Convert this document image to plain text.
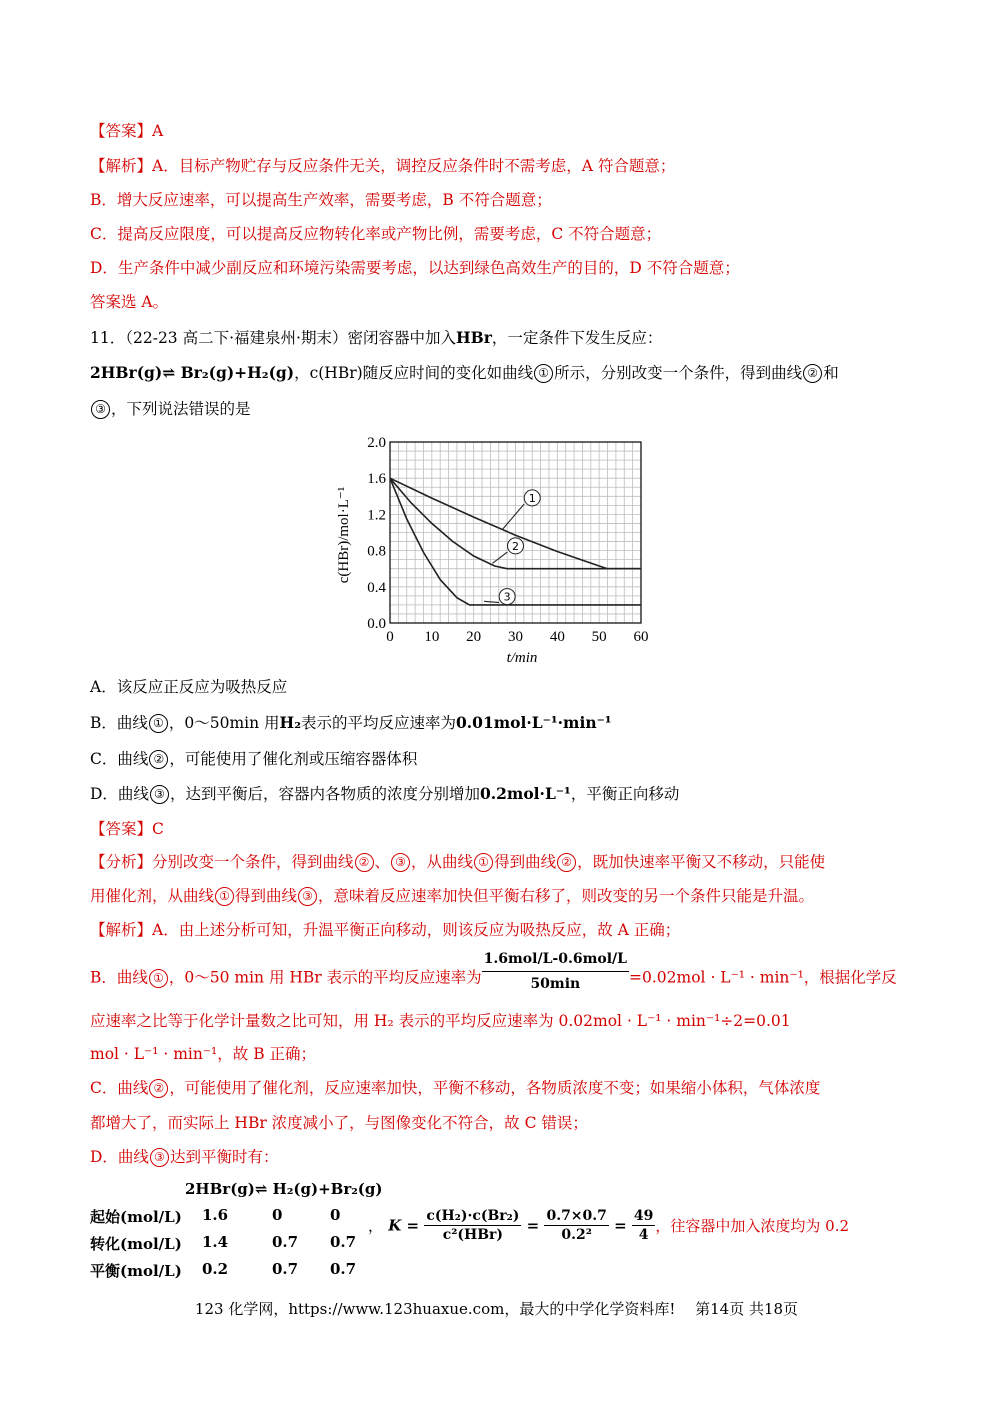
【答案】A
【解析】A．目标产物贮存与反应条件无关，调控反应条件时不需考虑，A 符合题意；
B．增大反应速率，可以提高生产效率，需要考虑，B 不符合题意；
C．提高反应限度，可以提高反应物转化率或产物比例，需要考虑，C 不符合题意；
D．生产条件中减少副反应和环境污染需要考虑，以达到绿色高效生产的目的，D 不符合题意；
答案选 A。
11．（22-23 高二下·福建泉州·期末）密闭容器中加入HBr，一定条件下发生反应：
2HBr(g)⇌ Br₂(g)+H₂(g)，c(HBr)随反应时间的变化如曲线 ① 所示，分别改变一个条件，得到曲线 ② 和
③ ，下列说法错误的是
1
2
3
0 10 20 30 40 50 60
0.0
0.4
0.8
1.2
1.6
2.0
t/min
c(HBr)/mol·L⁻¹
A．该反应正反应为吸热反应
B．曲线 ① ，0～50min 用H₂表示的平均反应速率为0.01mol·L⁻¹·min⁻¹
C．曲线 ② ，可能使用了催化剂或压缩容器体积
D．曲线 ③ ，达到平衡后，容器内各物质的浓度分别增加0.2mol·L⁻¹，平衡正向移动
【答案】C
【分析】分别改变一个条件，得到曲线 ② 、 ③ ，从曲线 ① 得到曲线 ② ，既加快速率平衡又不移动，只能使
用催化剂，从曲线 ① 得到曲线 ③ ，意味着反应速率加快但平衡右移了，则改变的另一个条件只能是升温。
【解析】A．由上述分析可知，升温平衡正向移动，则该反应为吸热反应，故 A 正确；
B．曲线 ① ，0～50 min 用 HBr 表示的平均反应速率为 $\frac{\text{1.6mol/L-0.6mol/L}}{50\min} =0.02mol \cdot L^{-1} \cdot \min^{-1}$，根据化学反
应速率之比等于化学计量数之比可知，用 H₂ 表示的平均反应速率为 0.02mol · L⁻¹ · min⁻¹÷2=0.01
mol · L⁻¹ · min⁻¹，故 B 正确；
C．曲线 ② ，可能使用了催化剂，反应速率加快，平衡不移动，各物质浓度不变；如果缩小体积，气体浓度
都增大了，而实际上 HBr 浓度减小了，与图像变化不符合，故 C 错误；
D．曲线 ③ 达到平衡时有：
2HBr(g)⇌ H₂(g)+Br₂(g)
起始(mol/L) 1.6	0	0
转化(mol/L) 1.4	0.7 0.7
平衡(mol/L) 0.2	0.7 0.7
， $K = \frac{\text{c(H₂)·c(Br₂)}}{\text{c²(HBr)}} = \frac{0.7\times 0.7}{\text{0.2²}} = \frac{49}{4}$ ，往容器中加入浓度均为 0.2
123 化学网，https://www.123huaxue.com，最大的中学化学资料库!　 第14页 共18页
